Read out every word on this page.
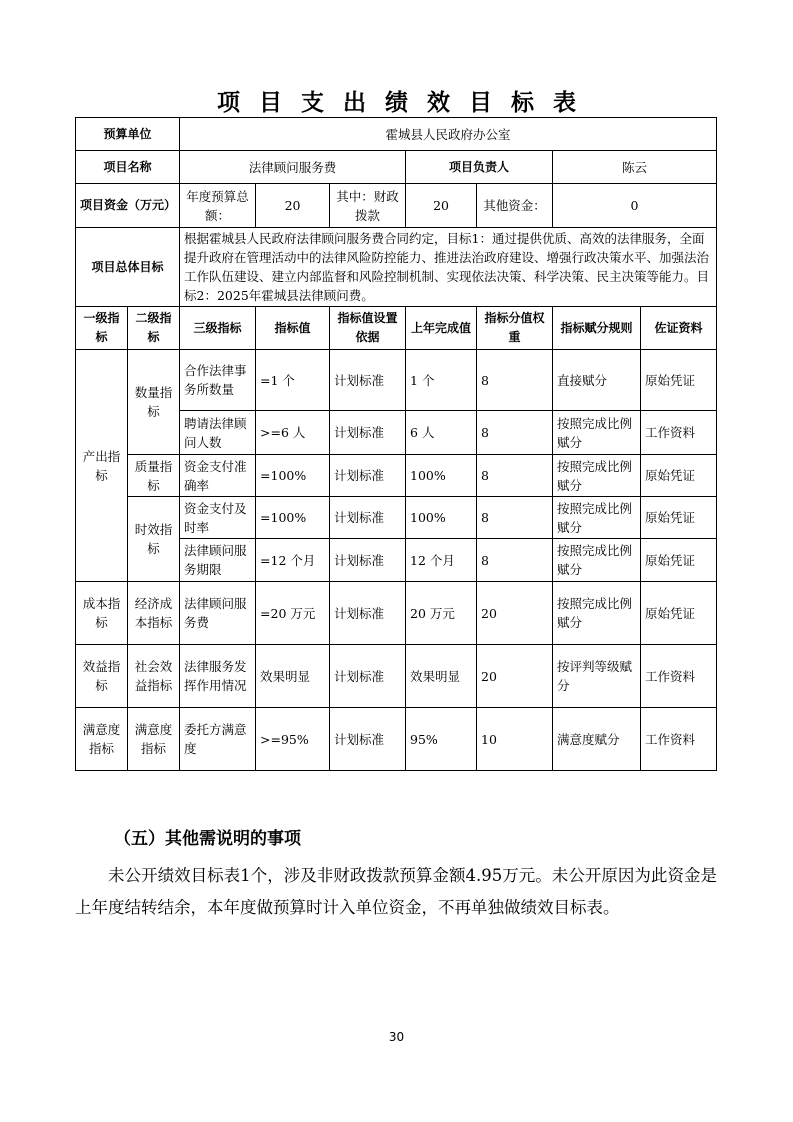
项目支出绩效目标表
预算单位		霍城县人民政府办公室						
项目名称		法律顾问服务费			项目负责人		陈云	
项目资金（万元）		年度预算总额：	20	其中：财政拨款	20	其他资金：	0	
项目总体目标		根据霍城县人民政府法律顾问服务费合同约定，目标1：通过提供优质、高效的法律服务，全面提升政府在管理活动中的法律风险防控能力、推进法治政府建设、增强行政决策水平、加强法治工作队伍建设、建立内部监督和风险控制机制、实现依法决策、科学决策、民主决策等能力。目标2：2025年霍城县法律顾问费。						
一级指标	二级指标	三级指标	指标值	指标值设置依据	上年完成值	指标分值权重	指标赋分规则	佐证资料
产出指标	数量指标	合作法律事务所数量	=1 个	计划标准	1 个	8	直接赋分	原始凭证
		聘请法律顾问人数	>=6 人	计划标准	6 人	8	按照完成比例赋分	工作资料
	质量指标	资金支付准确率	=100%	计划标准	100%	8	按照完成比例赋分	原始凭证
	时效指标	资金支付及时率	=100%	计划标准	100%	8	按照完成比例赋分	原始凭证
		法律顾问服务期限	=12 个月	计划标准	12 个月	8	按照完成比例赋分	原始凭证
成本指标	经济成本指标	法律顾问服务费	=20 万元	计划标准	20 万元	20	按照完成比例赋分	原始凭证
效益指标	社会效益指标	法律服务发挥作用情况	效果明显	计划标准	效果明显	20	按评判等级赋分	工作资料
满意度指标	满意度指标	委托方满意度	>=95%	计划标准	95%	10	满意度赋分	工作资料
（五）其他需说明的事项
未公开绩效目标表1个，涉及非财政拨款预算金额4.95万元。未公开原因为此资金是上年度结转结余，本年度做预算时计入单位资金，不再单独做绩效目标表。
30
